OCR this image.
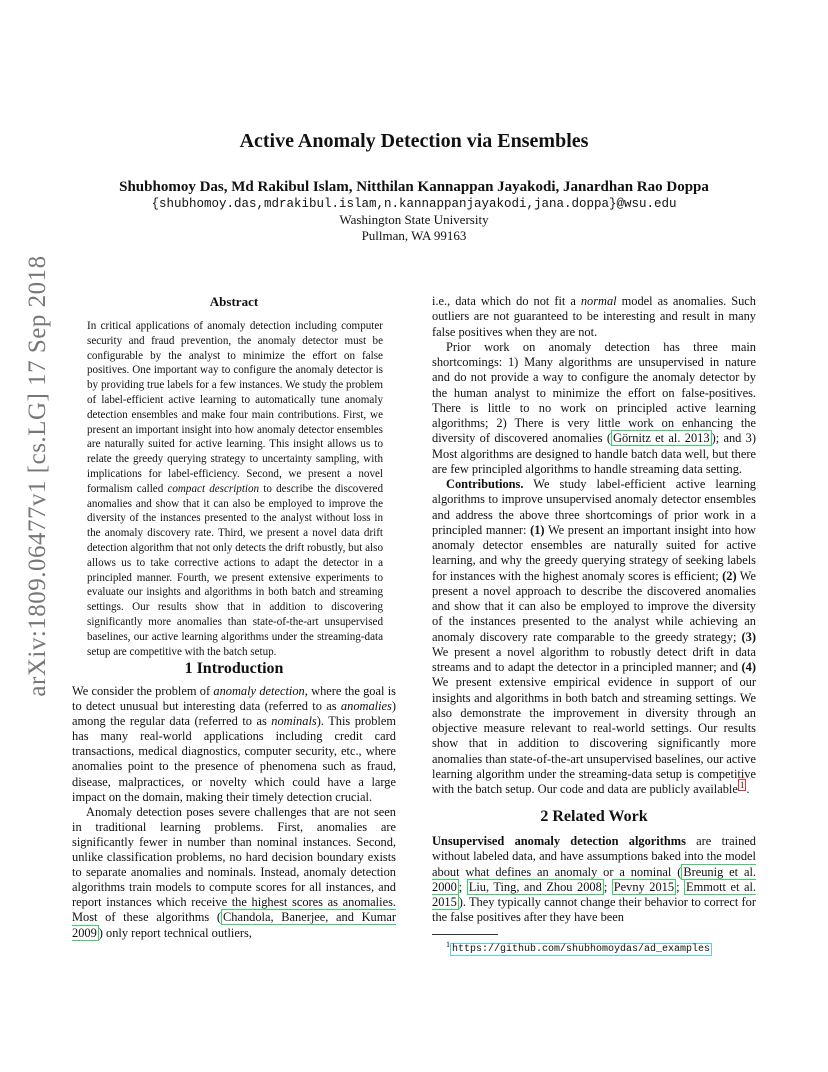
arXiv:1809.06477v1 [cs.LG] 17 Sep 2018
Active Anomaly Detection via Ensembles
Shubhomoy Das, Md Rakibul Islam, Nitthilan Kannappan Jayakodi, Janardhan Rao Doppa
{shubhomoy.das,mdrakibul.islam,n.kannappanjayakodi,jana.doppa}@wsu.edu
Washington State University
Pullman, WA 99163
Abstract
In critical applications of anomaly detection including computer security and fraud prevention, the anomaly detector must be configurable by the analyst to minimize the effort on false positives. One important way to configure the anomaly detector is by providing true labels for a few instances. We study the problem of label-efficient active learning to automatically tune anomaly detection ensembles and make four main contributions. First, we present an important insight into how anomaly detector ensembles are naturally suited for active learning. This insight allows us to relate the greedy querying strategy to uncertainty sampling, with implications for label-efficiency. Second, we present a novel formalism called compact description to describe the discovered anomalies and show that it can also be employed to improve the diversity of the instances presented to the analyst without loss in the anomaly discovery rate. Third, we present a novel data drift detection algorithm that not only detects the drift robustly, but also allows us to take corrective actions to adapt the detector in a principled manner. Fourth, we present extensive experiments to evaluate our insights and algorithms in both batch and streaming settings. Our results show that in addition to discovering significantly more anomalies than state-of-the-art unsupervised baselines, our active learning algorithms under the streaming-data setup are competitive with the batch setup.
1 Introduction

We consider the problem of anomaly detection, where the goal is to detect unusual but interesting data (referred to as anomalies) among the regular data (referred to as nominals). This problem has many real-world applications including credit card transactions, medical diagnostics, computer security, etc., where anomalies point to the presence of phenomena such as fraud, disease, malpractices, or novelty which could have a large impact on the domain, making their timely detection crucial.

Anomaly detection poses severe challenges that are not seen in traditional learning problems. First, anomalies are significantly fewer in number than nominal instances. Second, unlike classification problems, no hard decision boundary exists to separate anomalies and nominals. Instead, anomaly detection algorithms train models to compute scores for all instances, and report instances which receive the highest scores as anomalies. Most of these algorithms ( Chandola, Banerjee, and Kumar 2009 ) only report technical outliers,

i.e., data which do not fit a normal model as anomalies. Such outliers are not guaranteed to be interesting and result in many false positives when they are not.

Prior work on anomaly detection has three main shortcomings: 1) Many algorithms are unsupervised in nature and do not provide a way to configure the anomaly detector by the human analyst to minimize the effort on false-positives. There is little to no work on principled active learning algorithms; 2) There is very little work on enhancing the diversity of discovered anomalies ( Görnitz et al. 2013 ); and 3) Most algorithms are designed to handle batch data well, but there are few principled algorithms to handle streaming data setting.

Contributions. We study label-efficient active learning algorithms to improve unsupervised anomaly detector ensembles and address the above three shortcomings of prior work in a principled manner: (1) We present an important insight into how anomaly detector ensembles are naturally suited for active learning, and why the greedy querying strategy of seeking labels for instances with the highest anomaly scores is efficient; (2) We present a novel approach to describe the discovered anomalies and show that it can also be employed to improve the diversity of the instances presented to the analyst while achieving an anomaly discovery rate comparable to the greedy strategy; (3) We present a novel algorithm to robustly detect drift in data streams and to adapt the detector in a principled manner; and (4) We present extensive empirical evidence in support of our insights and algorithms in both batch and streaming settings. We also demonstrate the improvement in diversity through an objective measure relevant to real-world settings. Our results show that in addition to discovering significantly more anomalies than state-of-the-art unsupervised baselines, our active learning algorithm under the streaming-data setup is competitive with the batch setup. Our code and data are publicly available $^1$ .

2 Related Work
Unsupervised anomaly detection algorithms are trained without labeled data, and have assumptions baked into the model about what defines an anomaly or a nominal ( Breunig et al. 2000 ; Liu, Ting, and Zhou 2008 ; Pevny 2015 ; Emmott et al. 2015 ). They typically cannot change their behavior to correct for the false positives after they have been
$^1$ https://github.com/shubhomoydas/ad_examples
